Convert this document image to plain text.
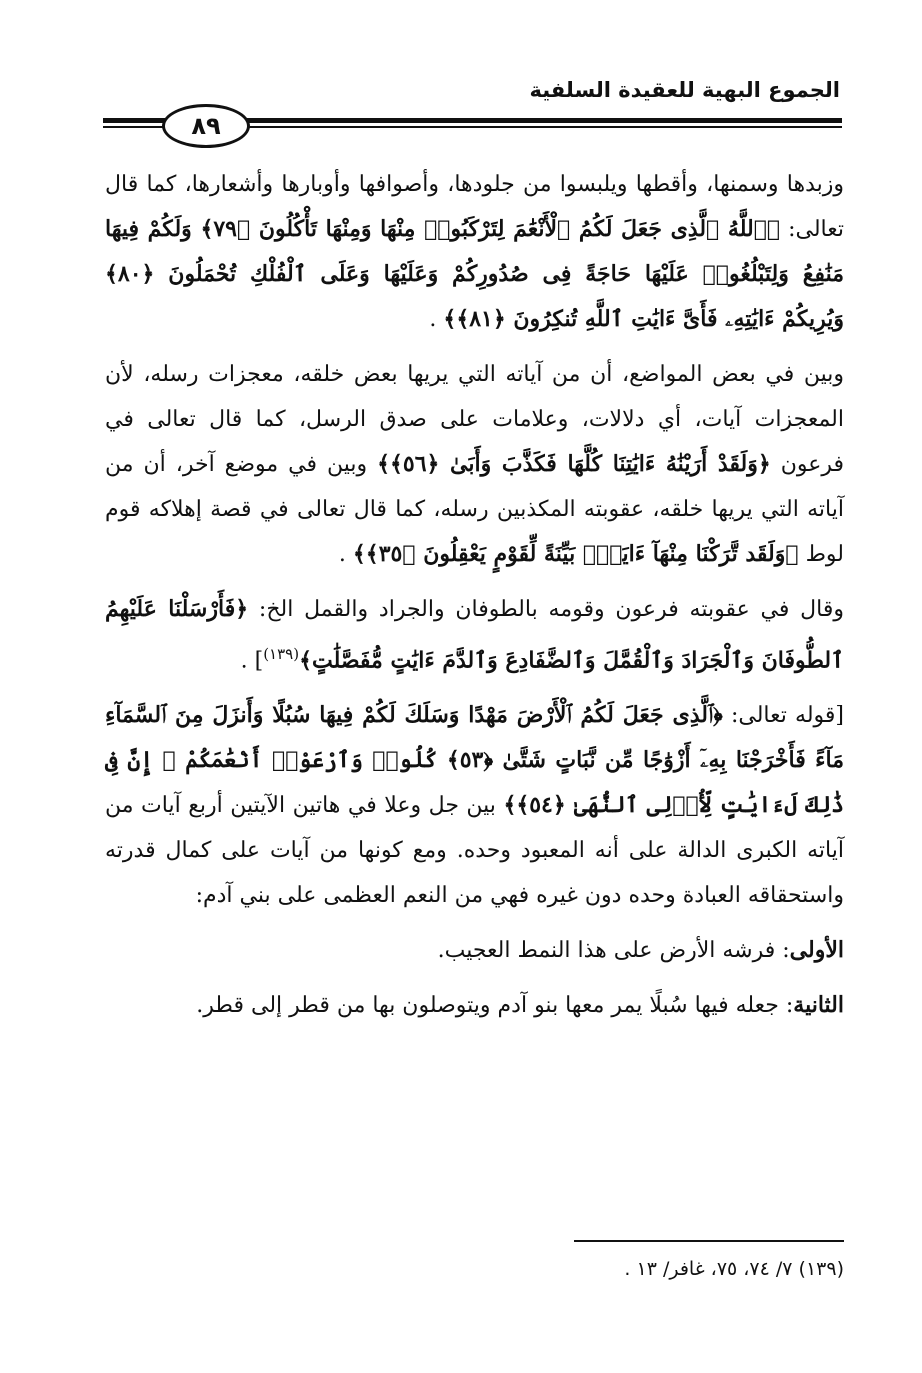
الجموع البهية للعقيدة السلفية
٨٩

وزبدها وسمنها، وأقطها ويلبسوا من جلودها، وأصوافها وأوبارها وأشعارها، كما قال تعالى: ﴿ٱللَّهُ ٱلَّذِى جَعَلَ لَكُمُ ٱلْأَنْعَٰمَ لِتَرْكَبُوا۟ مِنْهَا وَمِنْهَا تَأْكُلُونَ ﴿٧٩﴾ وَلَكُمْ فِيهَا مَنَٰفِعُ وَلِتَبْلُغُوا۟ عَلَيْهَا حَاجَةً فِى صُدُورِكُمْ وَعَلَيْهَا وَعَلَى ٱلْفُلْكِ تُحْمَلُونَ ﴿٨٠﴾ وَيُرِيكُمْ ءَايَٰتِهِۦ فَأَىَّ ءَايَٰتِ ٱللَّهِ تُنكِرُونَ ﴿٨١﴾﴾ .

وبين في بعض المواضع، أن من آياته التي يريها بعض خلقه، معجزات رسله، لأن المعجزات آيات، أي دلالات، وعلامات على صدق الرسل، كما قال تعالى في فرعون ﴿وَلَقَدْ أَرَيْنَٰهُ ءَايَٰتِنَا كُلَّهَا فَكَذَّبَ وَأَبَىٰ ﴿٥٦﴾﴾ وبين في موضع آخر، أن من آياته التي يريها خلقه، عقوبته المكذبين رسله، كما قال تعالى في قصة إهلاكه قوم لوط ﴿وَلَقَد تَّرَكْنَا مِنْهَآ ءَايَةًۢ بَيِّنَةً لِّقَوْمٍ يَعْقِلُونَ ﴿٣٥﴾﴾ .

وقال في عقوبته فرعون وقومه بالطوفان والجراد والقمل الخ: ﴿فَأَرْسَلْنَا عَلَيْهِمُ ٱلطُّوفَانَ وَٱلْجَرَادَ وَٱلْقُمَّلَ وَٱلضَّفَادِعَ وَٱلدَّمَ ءَايَٰتٍ مُّفَصَّلَٰتٍ﴾$^{(١٣٩)}$] .

[قوله تعالى: ﴿ٱلَّذِى جَعَلَ لَكُمُ ٱلْأَرْضَ مَهْدًا وَسَلَكَ لَكُمْ فِيهَا سُبُلًا وَأَنزَلَ مِنَ ٱلسَّمَآءِ مَآءً فَأَخْرَجْنَا بِهِۦٓ أَزْوَٰجًا مِّن نَّبَاتٍ شَتَّىٰ ﴿٥٣﴾ كُلُوا۟ وَٱرْعَوْا۟ أَنْعَٰمَكُمْ ۗ إِنَّ فِى ذَٰلِكَ لَءَايَٰتٍ لِّأُو۟لِى ٱلنُّهَىٰ ﴿٥٤﴾﴾ بين جل وعلا في هاتين الآيتين أربع آيات من آياته الكبرى الدالة على أنه المعبود وحده. ومع كونها من آيات على كمال قدرته واستحقاقه العبادة وحده دون غيره فهي من النعم العظمى على بني آدم:

الأولى: فرشه الأرض على هذا النمط العجيب.

الثانية: جعله فيها سُبلًا يمر معها بنو آدم ويتوصلون بها من قطر إلى قطر.

(١٣٩) ٧/ ٧٤، ٧٥، غافر/ ١٣ .
